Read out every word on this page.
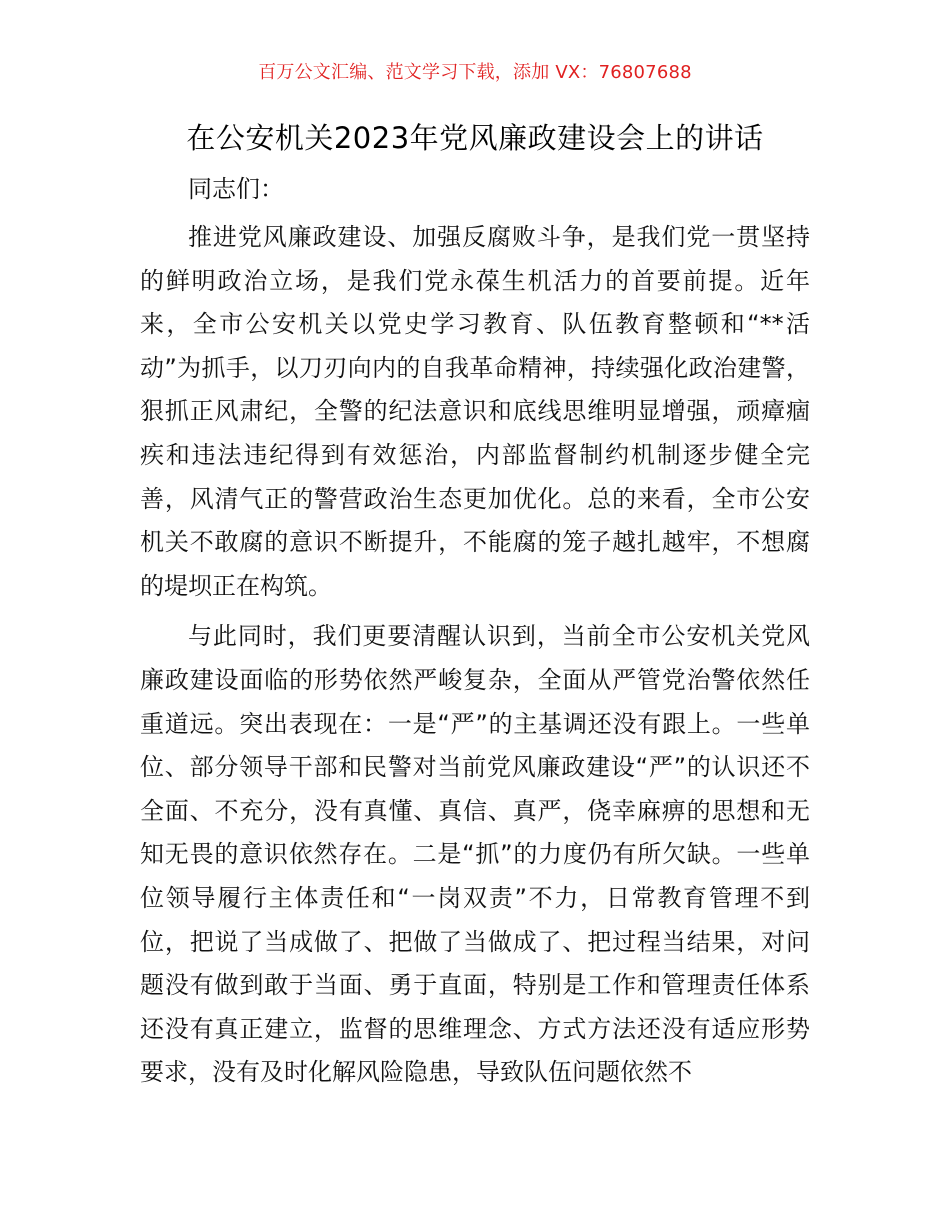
百万公文汇编、范文学习下载，添加 VX：76807688
在公安机关2023年党风廉政建设会上的讲话

同志们：

推进党风廉政建设、加强反腐败斗争，是我们党一贯坚持的鲜明政治立场，是我们党永葆生机活力的首要前提。近年来，全市公安机关以党史学习教育、队伍教育整顿和“**活动”为抓手，以刀刃向内的自我革命精神，持续强化政治建警，狠抓正风肃纪，全警的纪法意识和底线思维明显增强，顽瘴痼疾和违法违纪得到有效惩治，内部监督制约机制逐步健全完善，风清气正的警营政治生态更加优化。总的来看，全市公安机关不敢腐的意识不断提升，不能腐的笼子越扎越牢，不想腐的堤坝正在构筑。

与此同时，我们更要清醒认识到，当前全市公安机关党风廉政建设面临的形势依然严峻复杂，全面从严管党治警依然任重道远。突出表现在：一是“严”的主基调还没有跟上。一些单位、部分领导干部和民警对当前党风廉政建设“严”的认识还不全面、不充分，没有真懂、真信、真严，侥幸麻痹的思想和无知无畏的意识依然存在。二是“抓”的力度仍有所欠缺。一些单位领导履行主体责任和“一岗双责”不力，日常教育管理不到位，把说了当成做了、把做了当做成了、把过程当结果，对问题没有做到敢于当面、勇于直面，特别是工作和管理责任体系还没有真正建立，监督的思维理念、方式方法还没有适应形势要求，没有及时化解风险隐患，导致队伍问题依然不
